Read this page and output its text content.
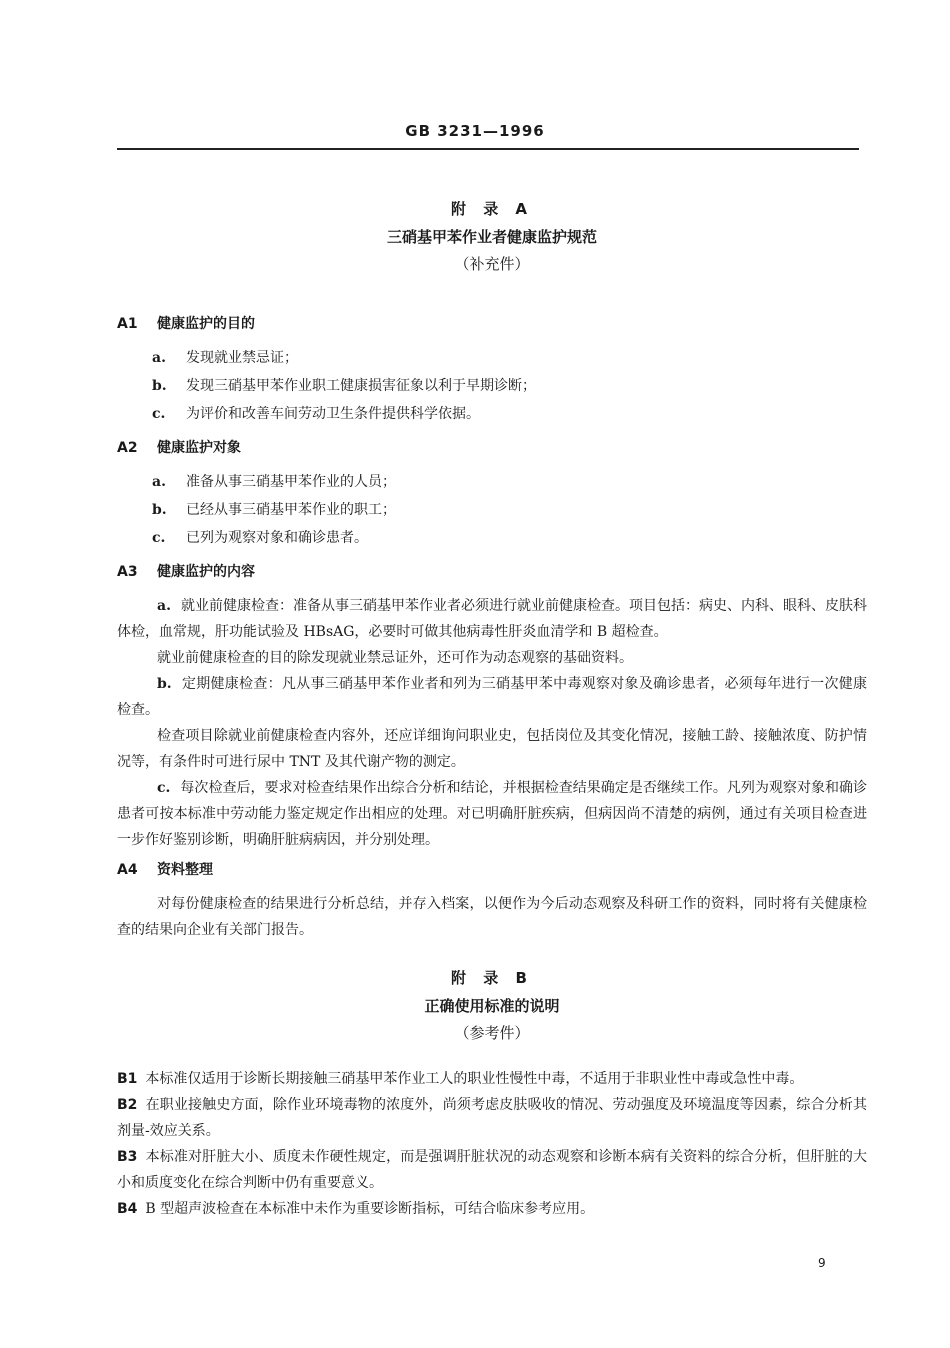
GB 3231—1996
附 录 A
三硝基甲苯作业者健康监护规范
（补充件）
A1 健康监护的目的
a. 发现就业禁忌证；
b. 发现三硝基甲苯作业职工健康损害征象以利于早期诊断；
c. 为评价和改善车间劳动卫生条件提供科学依据。
A2 健康监护对象
a. 准备从事三硝基甲苯作业的人员；
b. 已经从事三硝基甲苯作业的职工；
c. 已列为观察对象和确诊患者。
A3 健康监护的内容

a. 就业前健康检查：准备从事三硝基甲苯作业者必须进行就业前健康检查。项目包括：病史、内科、眼科、皮肤科体检，血常规，肝功能试验及 HBsAG，必要时可做其他病毒性肝炎血清学和 B 超检查。

就业前健康检查的目的除发现就业禁忌证外，还可作为动态观察的基础资料。

b. 定期健康检查：凡从事三硝基甲苯作业者和列为三硝基甲苯中毒观察对象及确诊患者，必须每年进行一次健康检查。

检查项目除就业前健康检查内容外，还应详细询问职业史，包括岗位及其变化情况，接触工龄、接触浓度、防护情况等，有条件时可进行尿中 TNT 及其代谢产物的测定。

c. 每次检查后，要求对检查结果作出综合分析和结论，并根据检查结果确定是否继续工作。凡列为观察对象和确诊患者可按本标准中劳动能力鉴定规定作出相应的处理。对已明确肝脏疾病，但病因尚不清楚的病例，通过有关项目检查进一步作好鉴别诊断，明确肝脏病病因，并分别处理。

A4 资料整理

对每份健康检查的结果进行分析总结，并存入档案，以便作为今后动态观察及科研工作的资料，同时将有关健康检查的结果向企业有关部门报告。

附 录 B
正确使用标准的说明
（参考件）

B1 本标准仅适用于诊断长期接触三硝基甲苯作业工人的职业性慢性中毒，不适用于非职业性中毒或急性中毒。

B2 在职业接触史方面，除作业环境毒物的浓度外，尚须考虑皮肤吸收的情况、劳动强度及环境温度等因素，综合分析其剂量-效应关系。

B3 本标准对肝脏大小、质度未作硬性规定，而是强调肝脏状况的动态观察和诊断本病有关资料的综合分析，但肝脏的大小和质度变化在综合判断中仍有重要意义。

B4 B 型超声波检查在本标准中未作为重要诊断指标，可结合临床参考应用。

9
